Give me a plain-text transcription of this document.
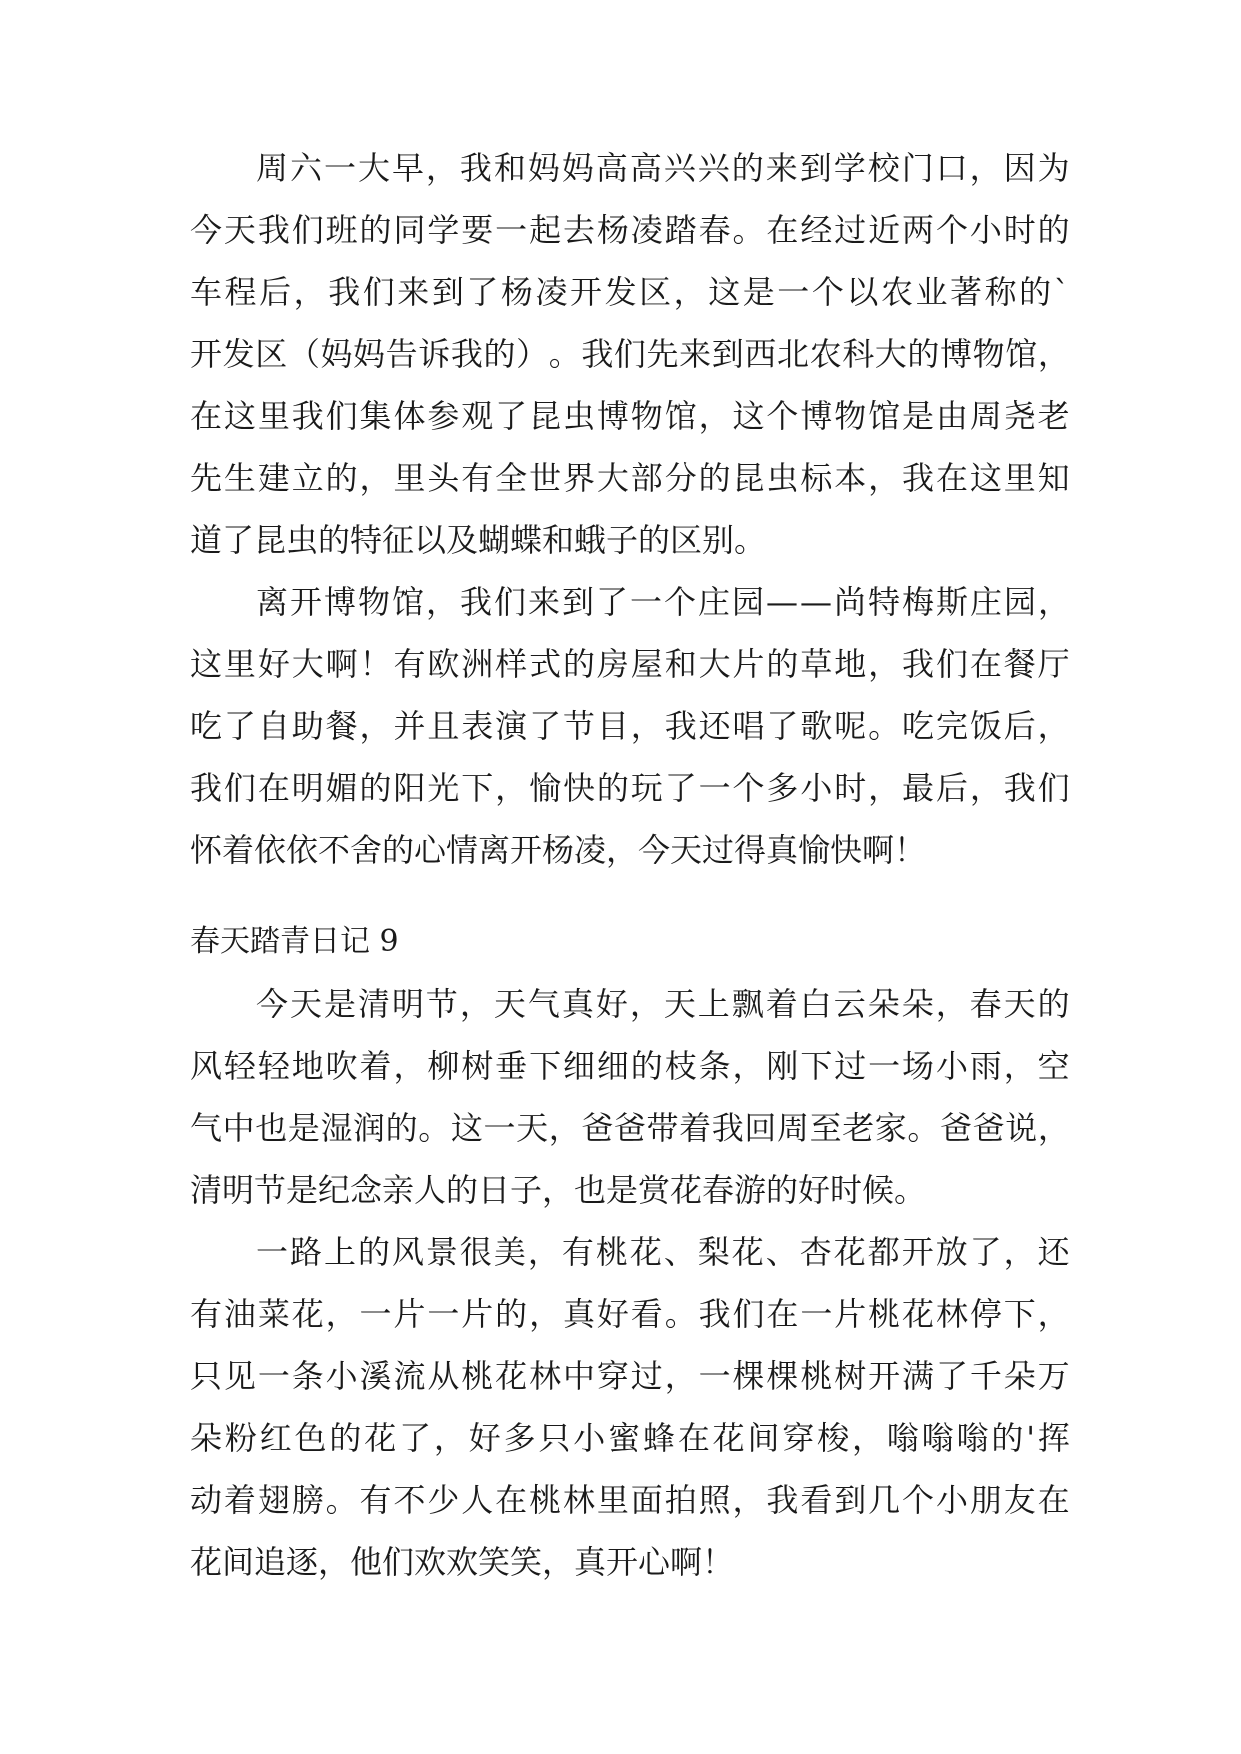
周 六 一 大 早 ， 我 和 妈 妈 高 高 兴 兴 的 来 到 学 校 门 口 ， 因 为
今 天 我 们 班 的 同 学 要 一 起 去 杨 凌 踏 春 。 在 经 过 近 两 个 小 时 的
车 程 后 ， 我 们 来 到 了 杨 凌 开 发 区 ， 这 是 一 个 以 农 业 著 称 的 `
开 发 区 （ 妈 妈 告 诉 我 的 ） 。 我 们 先 来 到 西 北 农 科 大 的 博 物 馆 ，
在 这 里 我 们 集 体 参 观 了 昆 虫 博 物 馆 ， 这 个 博 物 馆 是 由 周 尧 老
先 生 建 立 的 ， 里 头 有 全 世 界 大 部 分 的 昆 虫 标 本 ， 我 在 这 里 知
道了昆虫的特征以及蝴蝶和蛾子的区别。
离 开 博 物 馆 ， 我 们 来 到 了 一 个 庄 园 — — 尚 特 梅 斯 庄 园 ，
这 里 好 大 啊 ！ 有 欧 洲 样 式 的 房 屋 和 大 片 的 草 地 ， 我 们 在 餐 厅
吃 了 自 助 餐 ， 并 且 表 演 了 节 目 ， 我 还 唱 了 歌 呢 。 吃 完 饭 后 ，
我 们 在 明 媚 的 阳 光 下 ， 愉 快 的 玩 了 一 个 多 小 时 ， 最 后 ， 我 们
怀着依依不舍的心情离开杨凌，今天过得真愉快啊！
春天踏青日记 9
今 天 是 清 明 节 ， 天 气 真 好 ， 天 上 飘 着 白 云 朵 朵 ， 春 天 的
风 轻 轻 地 吹 着 ， 柳 树 垂 下 细 细 的 枝 条 ， 刚 下 过 一 场 小 雨 ， 空
气 中 也 是 湿 润 的 。 这 一 天 ， 爸 爸 带 着 我 回 周 至 老 家 。 爸 爸 说 ，
清明节是纪念亲人的日子，也是赏花春游的好时候。
一 路 上 的 风 景 很 美 ， 有 桃 花 、 梨 花 、 杏 花 都 开 放 了 ， 还
有 油 菜 花 ， 一 片 一 片 的 ， 真 好 看 。 我 们 在 一 片 桃 花 林 停 下 ，
只 见 一 条 小 溪 流 从 桃 花 林 中 穿 过 ， 一 棵 棵 桃 树 开 满 了 千 朵 万
朵 粉 红 色 的 花 了 ， 好 多 只 小 蜜 蜂 在 花 间 穿 梭 ， 嗡 嗡 嗡 的 ' 挥
动 着 翅 膀 。 有 不 少 人 在 桃 林 里 面 拍 照 ， 我 看 到 几 个 小 朋 友 在
花间追逐，他们欢欢笑笑，真开心啊！
